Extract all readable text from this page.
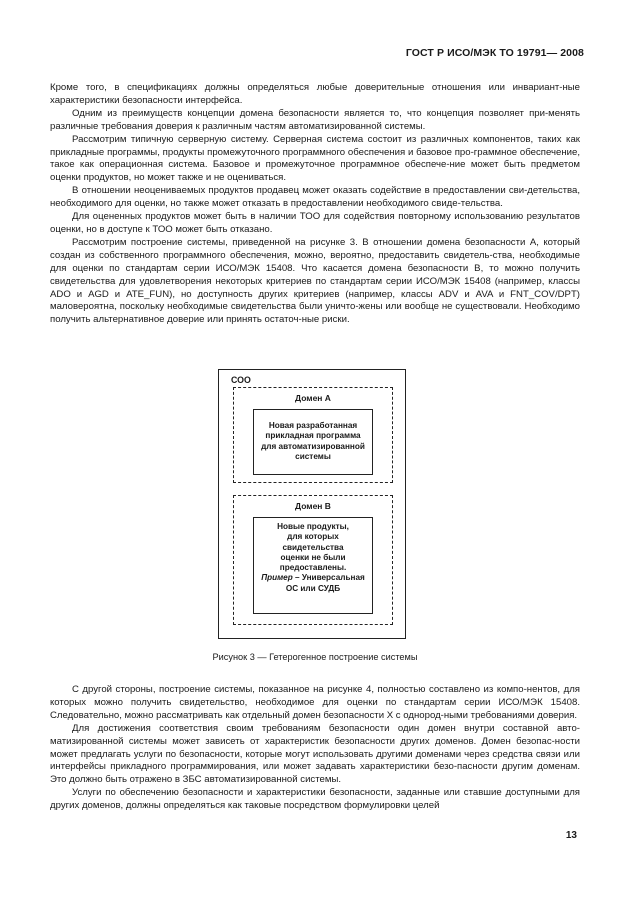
ГОСТ Р ИСО/МЭК ТО 19791— 2008

Кроме того, в спецификациях должны определяться любые доверительные отношения или инвариант-ные характеристики безопасности интерфейса.

Одним из преимуществ концепции домена безопасности является то, что концепция позволяет при-менять различные требования доверия к различным частям автоматизированной системы.

Рассмотрим типичную серверную систему. Серверная система состоит из различных компонентов, таких как прикладные программы, продукты промежуточного программного обеспечения и базовое про-граммное обеспечение, такое как операционная система. Базовое и промежуточное программное обеспече-ние может быть предметом оценки продуктов, но может также и не оцениваться.

В отношении неоцениваемых продуктов продавец может оказать содействие в предоставлении сви-детельства, необходимого для оценки, но также может отказать в предоставлении необходимого свиде-тельства.

Для оцененных продуктов может быть в наличии ТОО для содействия повторному использованию результатов оценки, но в доступе к ТОО может быть отказано.

Рассмотрим построение системы, приведенной на рисунке 3. В отношении домена безопасности А, который создан из собственного программного обеспечения, можно, вероятно, предоставить свидетель-ства, необходимые для оценки по стандартам серии ИСО/МЭК 15408. Что касается домена безопасности В, то можно получить свидетельства для удовлетворения некоторых критериев по стандартам серии ИСО/МЭК 15408 (например, классы ADO и AGD и ATE_FUN), но доступность других критериев (например, классы ADV и AVA и FNT_COV/DPT) маловероятна, поскольку необходимые свидетельства были уничто-жены или вообще не существовали. Необходимо получить альтернативное доверие или принять остаточ-ные риски.

СОО
Домен А
Новая разработанная
прикладная программа
для автоматизированной
системы
Домен В
Новые продукты,
для которых
свидетельства
оценки не были
предоставлены.
Пример – Универсальная
ОС или СУДБ
Рисунок 3 — Гетерогенное построение системы

С другой стороны, построение системы, показанное на рисунке 4, полностью составлено из компо-нентов, для которых можно получить свидетельство, необходимое для оценки по стандартам серии ИСО/МЭК 15408. Следовательно, можно рассматривать как отдельный домен безопасности X с однород-ными требованиями доверия.

Для достижения соответствия своим требованиям безопасности один домен внутри составной авто-матизированной системы может зависеть от характеристик безопасности других доменов. Домен безопас-ности может предлагать услуги по безопасности, которые могут использовать другими доменами через средства связи или интерфейсы прикладного программирования, или может задавать характеристики безо-пасности другим доменам. Это должно быть отражено в ЗБС автоматизированной системы.

Услуги по обеспечению безопасности и характеристики безопасности, заданные или ставшие доступными для других доменов, должны определяться как таковые посредством формулировки целей

13
